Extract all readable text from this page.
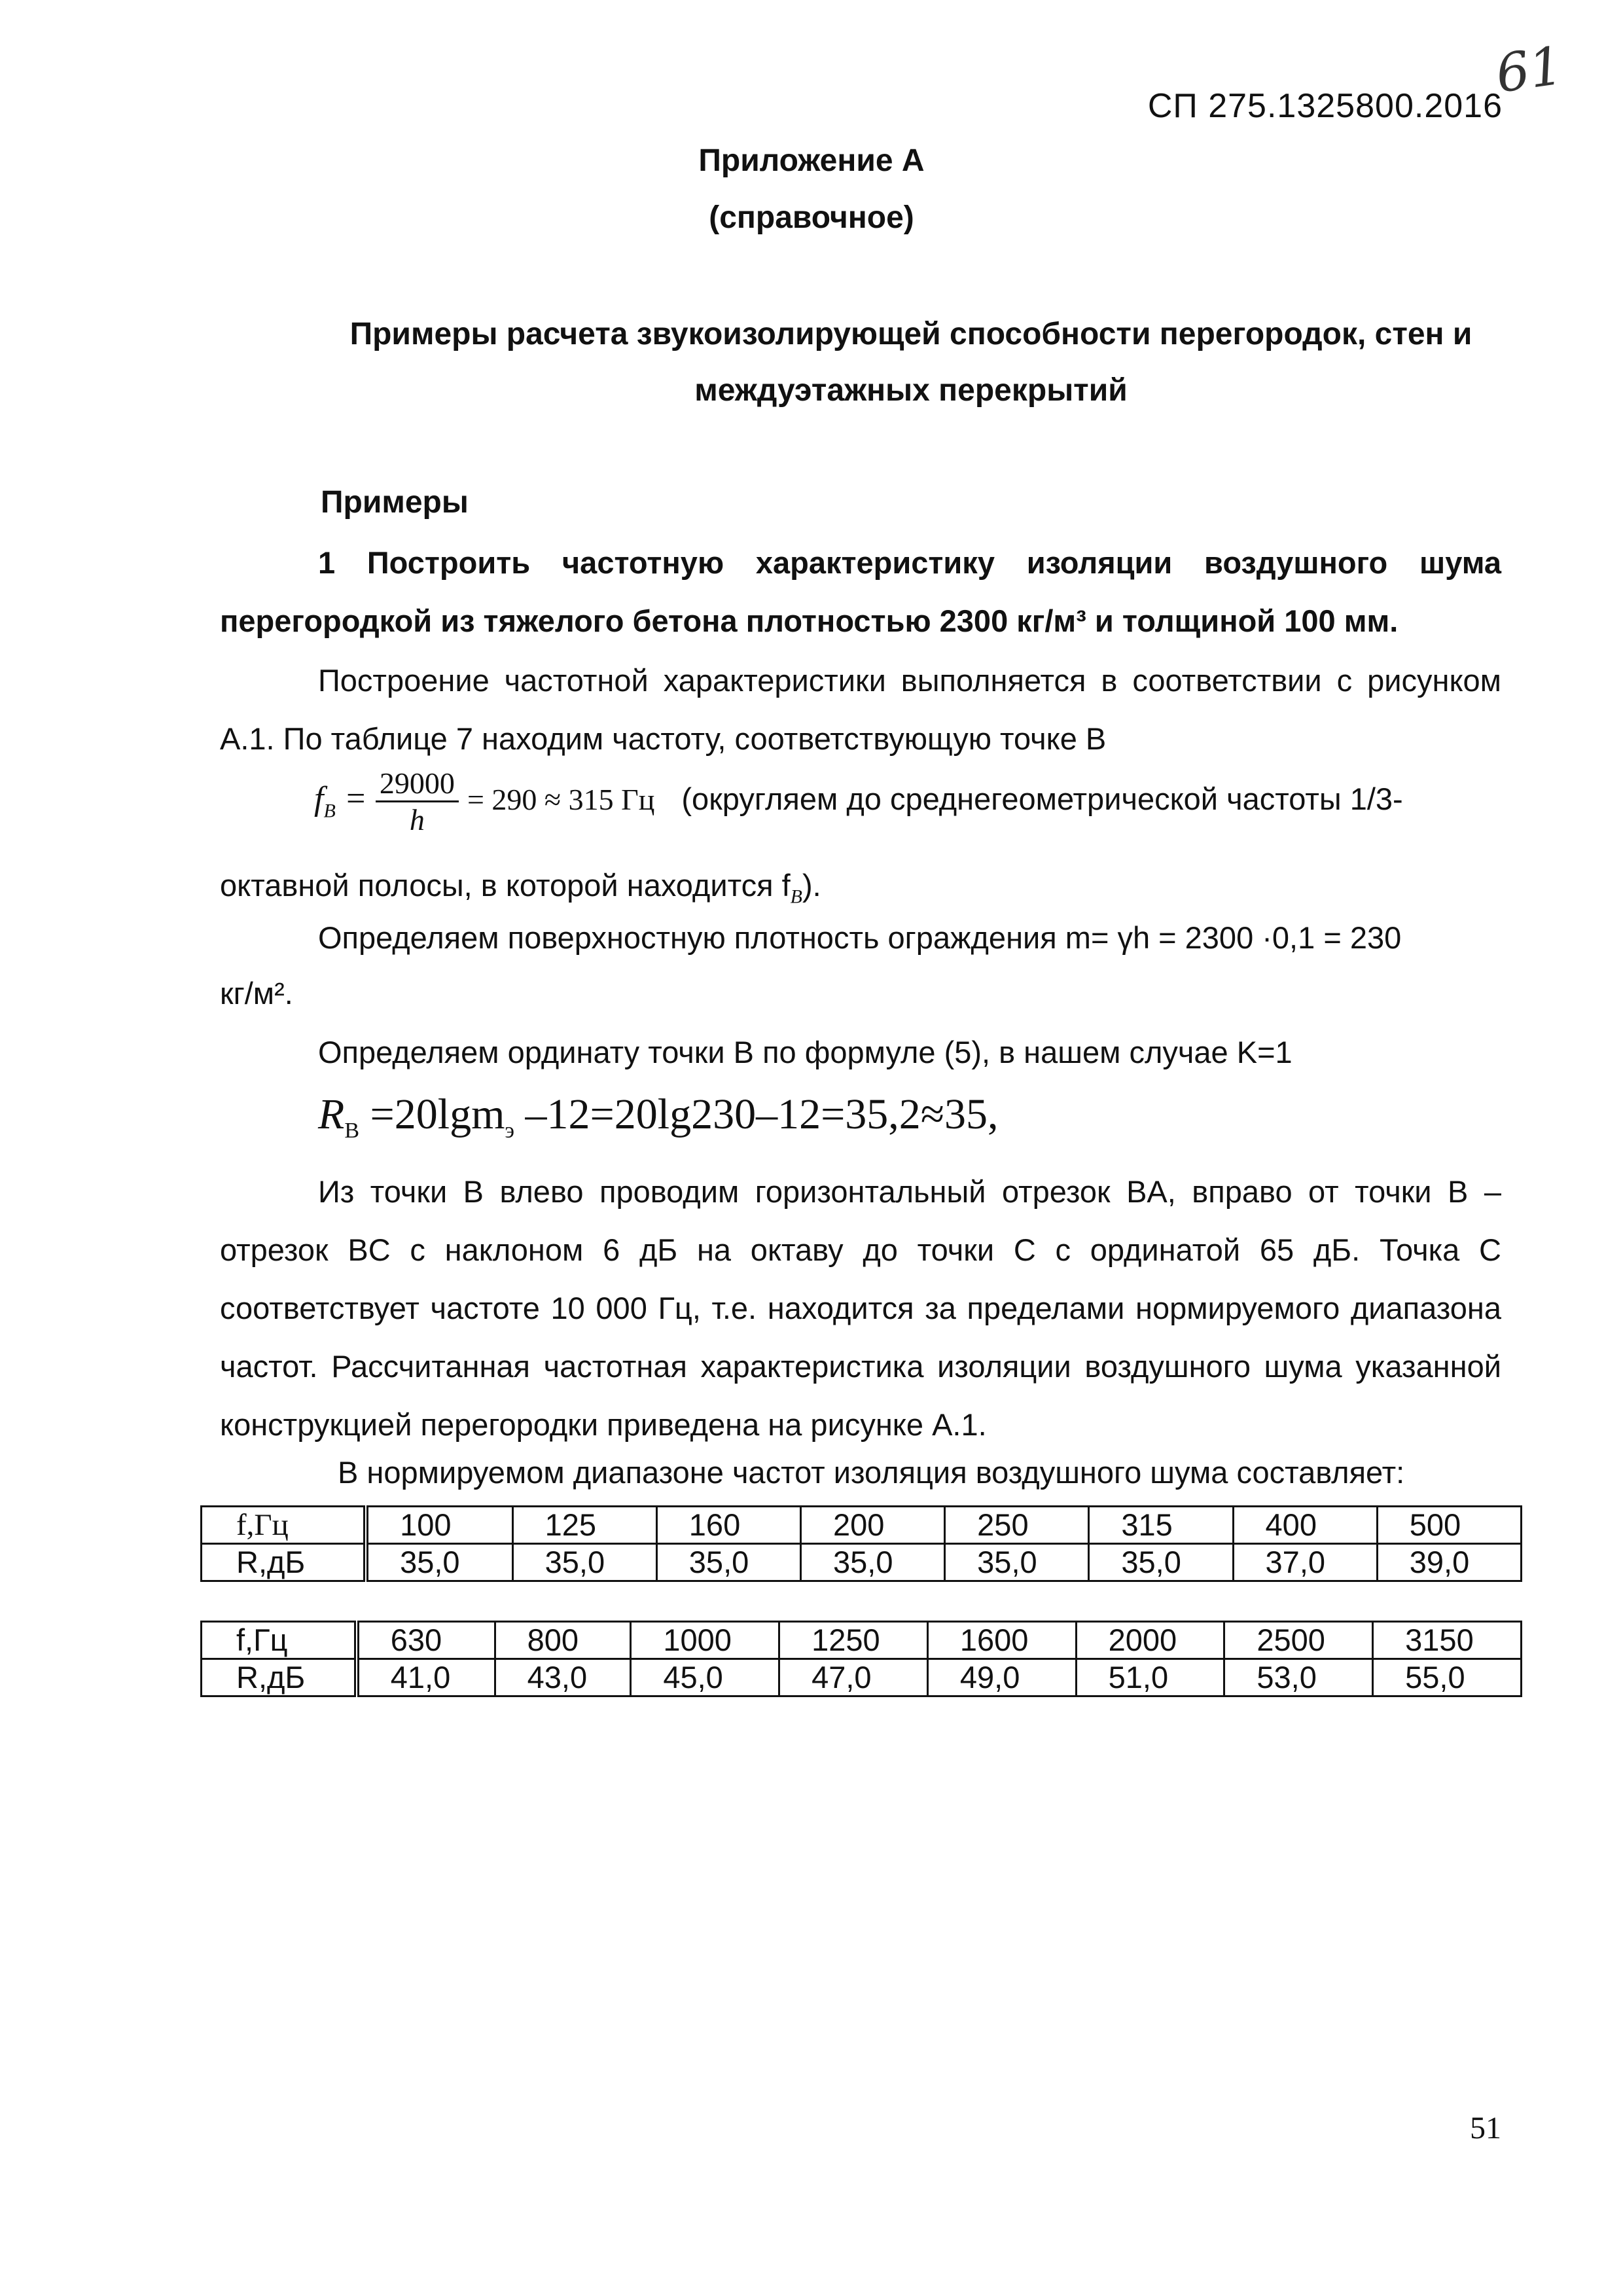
61
СП 275.1325800.2016
Приложение А
(справочное)
Примеры расчета звукоизолирующей способности перегородок, стен и междуэтажных перекрытий
Примеры
1 Построить частотную характеристику изоляции воздушного шума перегородкой из тяжелого бетона плотностью 2300 кг/м³ и толщиной 100 мм.
Построение частотной характеристики выполняется в соответствии с рисунком А.1. По таблице 7 находим частоту, соответствующую точке В
$f_B = \frac{29000}{h} = 290 \approx 315$ Гц (округляем до среднегеометрической частоты 1/3-
октавной полосы, в которой находится $f_B$).
Определяем поверхностную плотность ограждения m= γh = 2300 ·0,1 = 230
кг/м².
Определяем ординату точки B по формуле (5), в нашем случае K=1
$R_B =20\lg m_э$ –12=20lg230–12=35,2≈35,
Из точки B влево проводим горизонтальный отрезок BA, вправо от точки B – отрезок BC с наклоном 6 дБ на октаву до точки C с ординатой 65 дБ. Точка C соответствует частоте 10 000 Гц, т.е. находится за пределами нормируемого диапазона частот. Рассчитанная частотная характеристика изоляции воздушного шума указанной конструкцией перегородки приведена на рисунке А.1.
В нормируемом диапазоне частот изоляция воздушного шума составляет:
f,Гц	100	125	160	200	250	315	400	500
R,дБ	35,0	35,0	35,0	35,0	35,0	35,0	37,0	39,0
f,Гц	630	800	1000	1250	1600	2000	2500	3150
R,дБ	41,0	43,0	45,0	47,0	49,0	51,0	53,0	55,0
51
